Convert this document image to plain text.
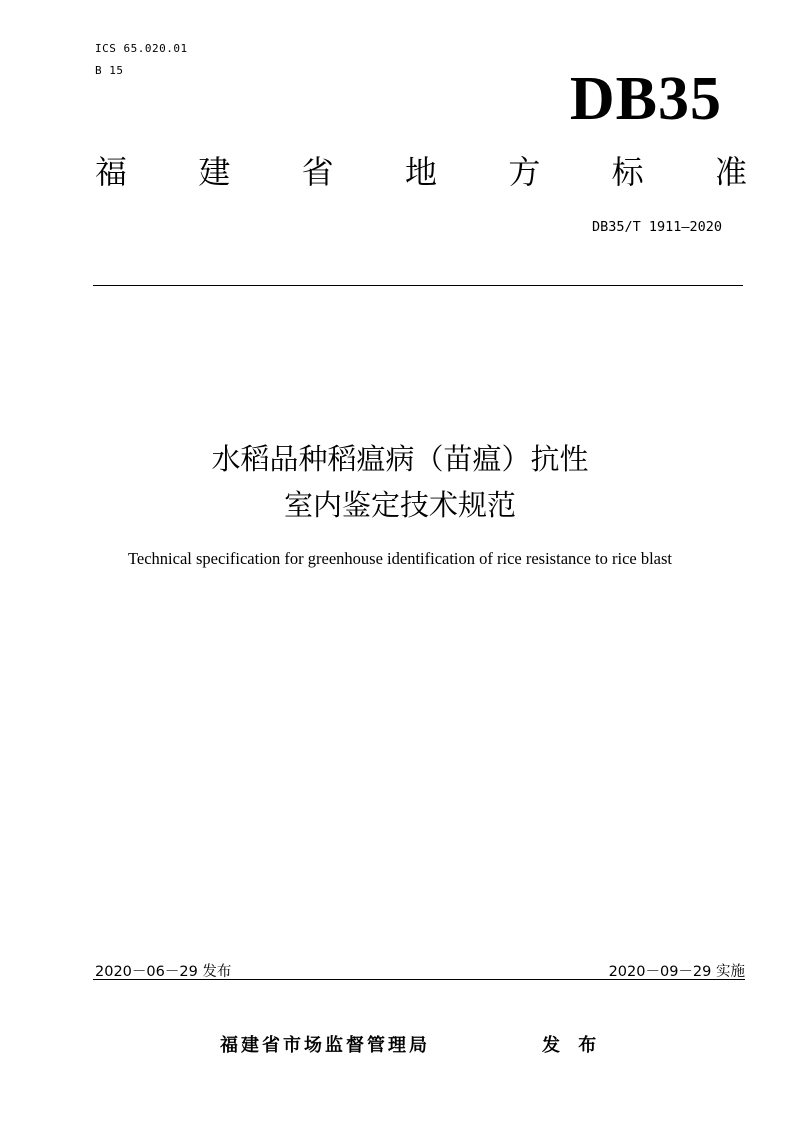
ICS 65.020.01
B 15	DB35
福 建 省 地 方 标 准
DB35/T 1911—2020
水稻品种稻瘟病（苗瘟）抗性
室内鉴定技术规范
Technical specification for greenhouse identification of rice resistance to rice blast
2020－06－29 发布	2020－09－29 实施
福建省市场监督管理局	发 布
